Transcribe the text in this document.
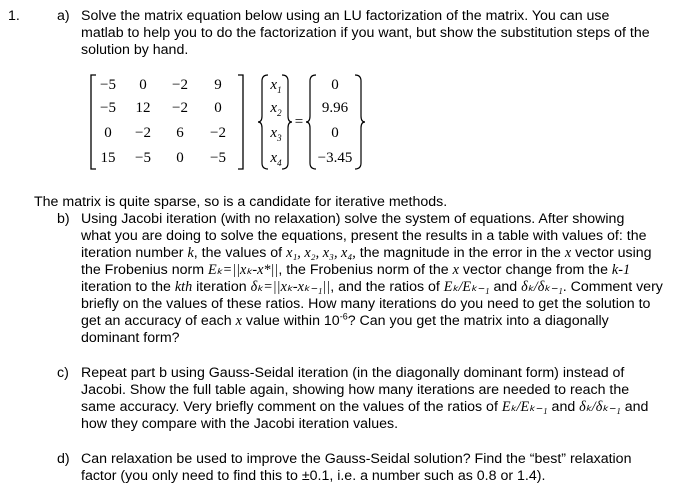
1.	a) Solve the matrix equation below using an LU factorization of the matrix. You can use
matlab to help you to do the factorization if you want, but show the substitution steps of the
solution by hand.
−5	0	−2	9
−5	12	−2	0
0	−2	6	−2
15	−5	0	−5
$x_1$
$x_2$
$x_3$
$x_4$
=
0
9.96
0
−3.45
The matrix is quite sparse, so is a candidate for iterative methods.
b) Using Jacobi iteration (with no relaxation) solve the system of equations. After showing
what you are doing to solve the equations, present the results in a table with values of: the
iteration number k, the values of x₁, x₂, x₃, x₄, the magnitude in the error in the x vector using
the Frobenius norm Eₖ=||xₖ-x*||, the Frobenius norm of the x vector change from the k-1
iteration to the kth iteration δₖ=||xₖ-xₖ₋₁||, and the ratios of Eₖ/Eₖ₋₁ and δₖ/δₖ₋₁. Comment very
briefly on the values of these ratios. How many iterations do you need to get the solution to
get an accuracy of each x value within $10^{-6}$? Can you get the matrix into a diagonally
dominant form?
c) Repeat part b using Gauss-Seidal iteration (in the diagonally dominant form) instead of
Jacobi. Show the full table again, showing how many iterations are needed to reach the
same accuracy. Very briefly comment on the values of the ratios of Eₖ/Eₖ₋₁ and δₖ/δₖ₋₁ and
how they compare with the Jacobi iteration values.
d) Can relaxation be used to improve the Gauss-Seidal solution? Find the “best” relaxation
factor (you only need to find this to ±0.1, i.e. a number such as 0.8 or 1.4).
